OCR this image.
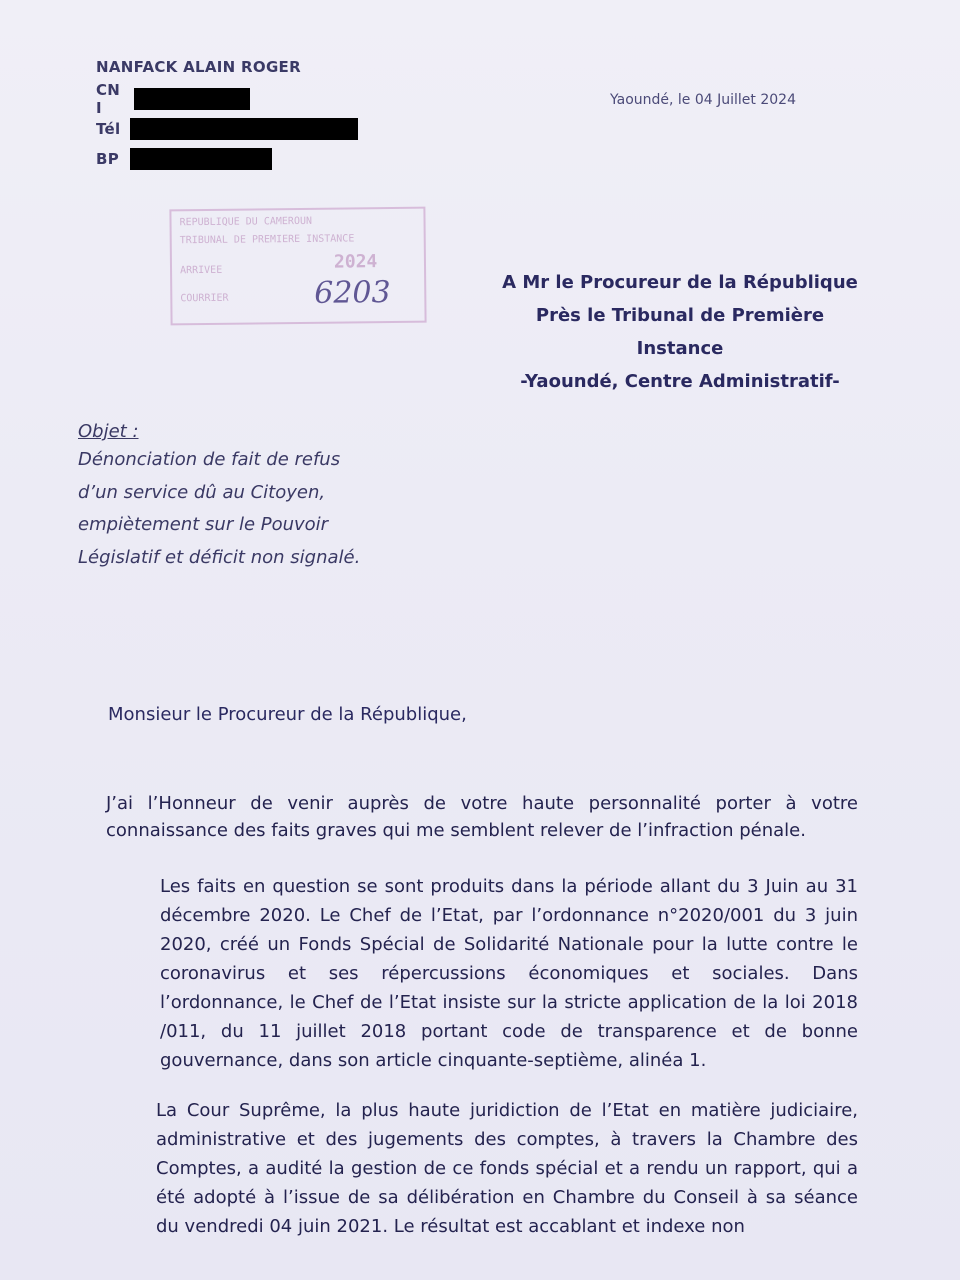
NANFACK ALAIN ROGER
CN I
Tél
BP
Yaoundé, le 04 Juillet 2024
REPUBLIQUE DU CAMEROUN
TRIBUNAL DE PREMIERE INSTANCE
ARRIVEE
COURRIER
2024
6203	A Mr le Procureur de la République
Près le Tribunal de Première
Instance
-Yaoundé, Centre Administratif-
Objet :
Dénonciation de fait de refus d’un service dû au Citoyen, empiètement sur le Pouvoir Législatif et déficit non signalé.
Monsieur le Procureur de la République,
J’ai l’Honneur de venir auprès de votre haute personnalité porter à votre connaissance des faits graves qui me semblent relever de l’infraction pénale.
Les faits en question se sont produits dans la période allant du 3 Juin au 31 décembre 2020. Le Chef de l’Etat, par l’ordonnance n°2020/001 du 3 juin 2020, créé un Fonds Spécial de Solidarité Nationale pour la lutte contre le coronavirus et ses répercussions économiques et sociales. Dans l’ordonnance, le Chef de l’Etat insiste sur la stricte application de la loi 2018 /011, du 11 juillet 2018 portant code de transparence et de bonne gouvernance, dans son article cinquante-septième, alinéa 1.
La Cour Suprême, la plus haute juridiction de l’Etat en matière judiciaire, administrative et des jugements des comptes, à travers la Chambre des Comptes, a audité la gestion de ce fonds spécial et a rendu un rapport, qui a été adopté à l’issue de sa délibération en Chambre du Conseil à sa séance du vendredi 04 juin 2021. Le résultat est accablant et indexe non
